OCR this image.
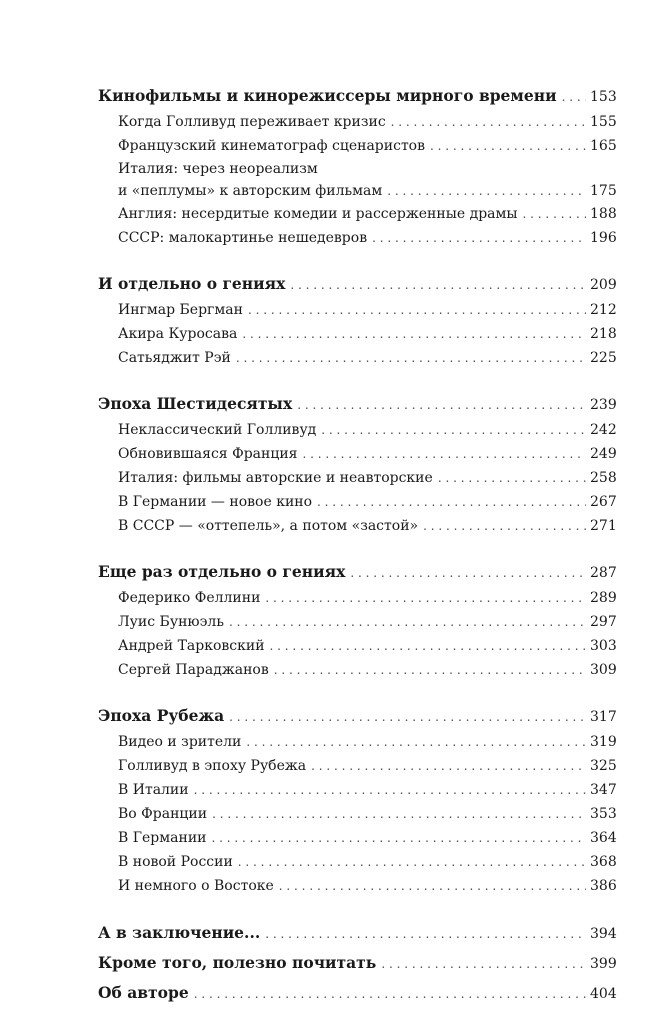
Кинофильмы и кинорежиссеры мирного времени . . . 153
Когда Голливуд переживает кризис . . .	155
Французский кинематограф сценаристов . . .	165
Италия: через неореализм
и «пеплумы» к авторским фильмам . . .	175
Англия: несердитые комедии и рассерженные драмы . . .	188
СССР: малокартинье нешедевров . . .	196
И отдельно о гениях . . .	209
Ингмар Бергман . . .	212
Акира Куросава . . .	218
Сатьяджит Рэй . . .	225
Эпоха Шестидесятых . . .	239
Неклассический Голливуд . . .	242
Обновившаяся Франция . . .	249
Италия: фильмы авторские и неавторские . . .	258
В Германии — новое кино . . .	267
В СССР — «оттепель», а потом «застой» . . .	271
Еще раз отдельно о гениях . . .	287
Федерико Феллини . . .	289
Луис Бунюэль . . .	297
Андрей Тарковский . . .	303
Сергей Параджанов . . .	309
Эпоха Рубежа . . .	317
Видео и зрители . . .	319
Голливуд в эпоху Рубежа . . .	325
В Италии . . .	347
Во Франции . . .	353
В Германии . . .	364
В новой России . . .	368
И немного о Востоке . . .	386
А в заключение... . . .	394
Кроме того, полезно почитать . . .	399
Об авторе . . .	404
